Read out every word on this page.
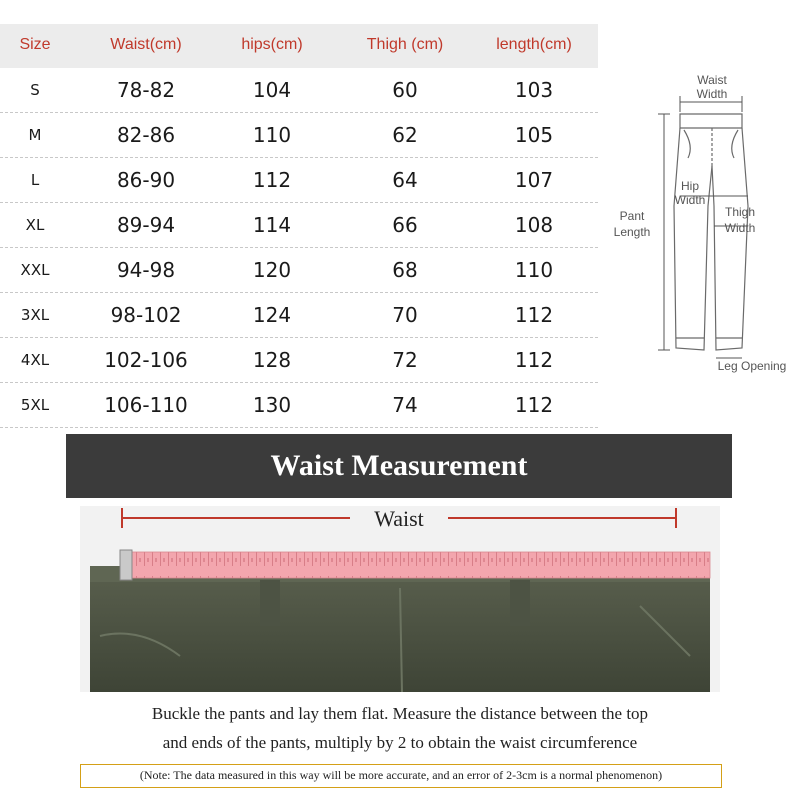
Size	Waist(cm)	hips(cm)	Thigh (cm)	length(cm)
S	78-82	104	60	103
M	82-86	110	62	105
L	86-90	112	64	107
XL	89-94	114	66	108
XXL	94-98	120	68	110
3XL	98-102	124	70	112
4XL	102-106	128	72	112
5XL	106-110	130	74	112
Waist
Width
Hip
Width
Thigh
Width
Pant
Length
Leg Opening
Waist Measurement
Waist
Buckle the pants and lay them flat. Measure the distance between the top
and ends of the pants, multiply by 2 to obtain the waist circumference
(Note: The data measured in this way will be more accurate, and an error of 2-3cm is a normal phenomenon)
